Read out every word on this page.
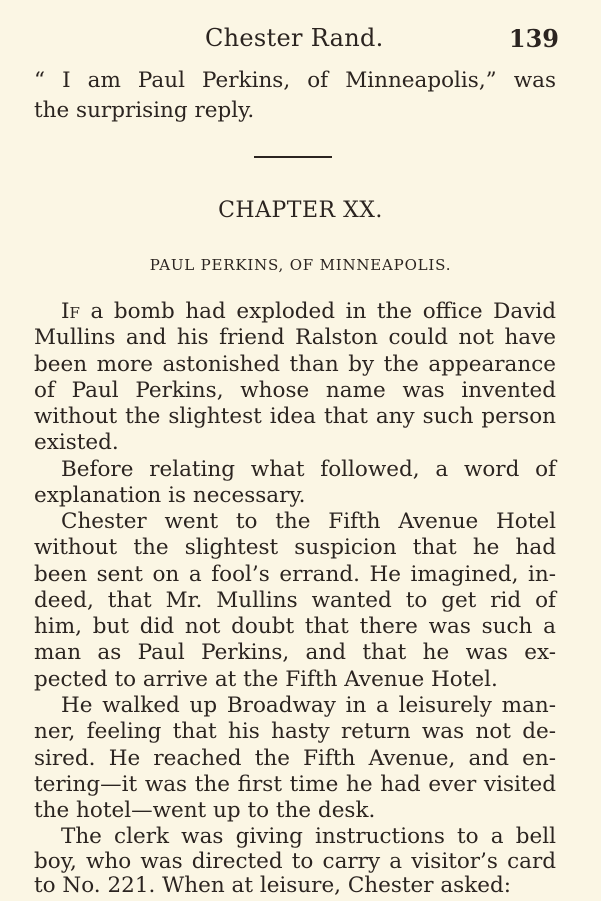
Chester Rand.	139
“ I am Paul Perkins, of Minneapolis,” was
the surprising reply.
CHAPTER XX.
PAUL PERKINS, OF MINNEAPOLIS.
If a bomb had exploded in the office David
Mullins and his friend Ralston could not have
been more astonished than by the appearance
of Paul Perkins, whose name was invented
without the slightest idea that any such person
existed.
Before relating what followed, a word of
explanation is necessary.
Chester went to the Fifth Avenue Hotel
without the slightest suspicion that he had
been sent on a fool’s errand. He imagined, in-
deed, that Mr. Mullins wanted to get rid of
him, but did not doubt that there was such a
man as Paul Perkins, and that he was ex-
pected to arrive at the Fifth Avenue Hotel.
He walked up Broadway in a leisurely man-
ner, feeling that his hasty return was not de-
sired. He reached the Fifth Avenue, and en-
tering—it was the first time he had ever visited
the hotel—went up to the desk.
The clerk was giving instructions to a bell
boy, who was directed to carry a visitor’s card
to No. 221. When at leisure, Chester asked:
